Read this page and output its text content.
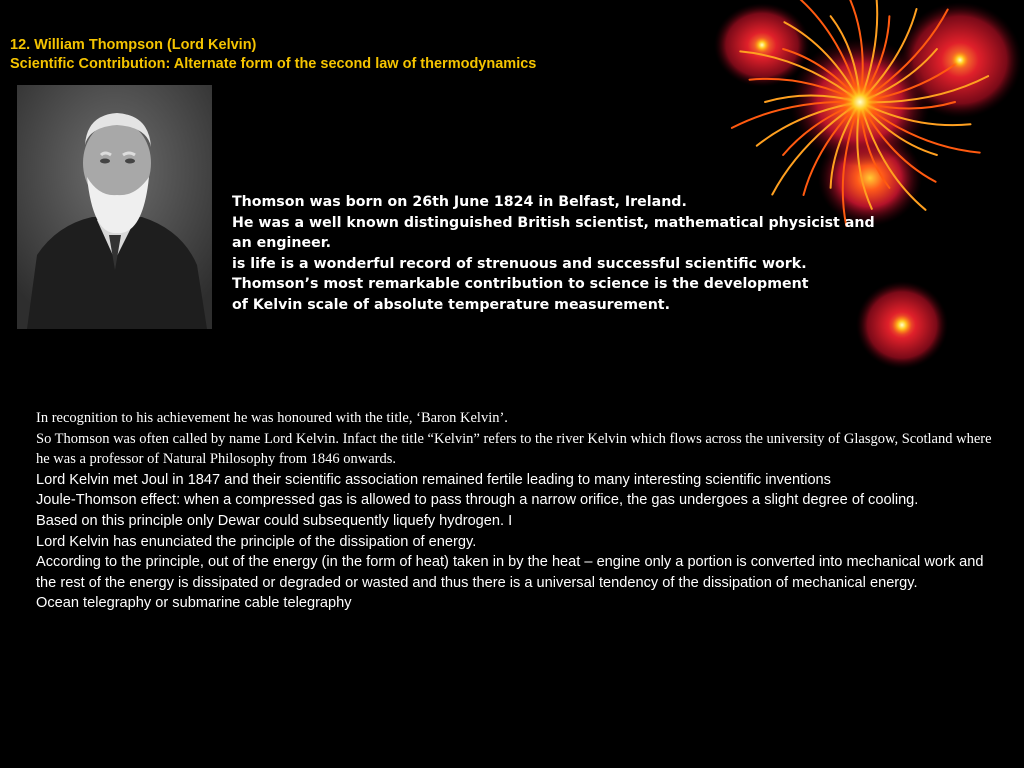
12. William Thompson (Lord Kelvin)
Scientific Contribution: Alternate form of the second law of thermodynamics
Thomson was born on 26th June 1824 in Belfast, Ireland.
He was a well known distinguished British scientist, mathematical physicist and
an engineer.
is life is a wonderful record of strenuous and successful scientific work.
Thomson’s most remarkable contribution to science is the development
of Kelvin scale of absolute temperature measurement.
In recognition to his achievement he was honoured with the title, ‘Baron Kelvin’.
So Thomson was often called by name Lord Kelvin. Infact the title “Kelvin” refers to the river Kelvin which flows across the university of Glasgow, Scotland where he was a professor of Natural Philosophy from 1846 onwards.
Lord Kelvin met Joul in 1847 and their scientific association remained fertile leading to many interesting scientific inventions
Joule-Thomson effect: when a compressed gas is allowed to pass through a narrow orifice, the gas undergoes a slight degree of cooling.
Based on this principle only Dewar could subsequently liquefy hydrogen. I
Lord Kelvin has enunciated the principle of the dissipation of energy.
According to the principle, out of the energy (in the form of heat) taken in by the heat – engine only a portion is converted into mechanical work and the rest of the energy is dissipated or degraded or wasted and thus there is a universal tendency of the dissipation of mechanical energy.
Ocean telegraphy or submarine cable telegraphy
